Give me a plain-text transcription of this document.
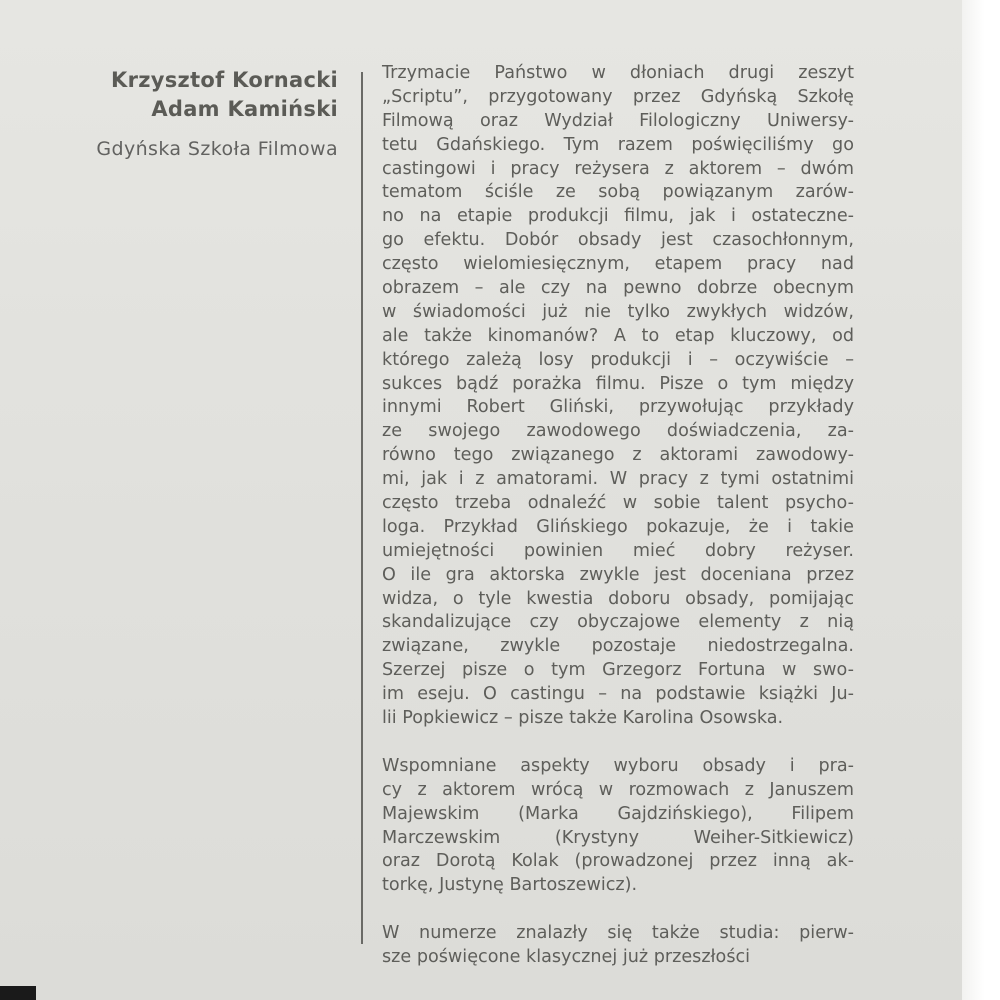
Krzysztof Kornacki
Adam Kamiński
Gdyńska Szkoła Filmowa
Trzymacie Państwo w dłoniach drugi zeszyt
„Scriptu”, przygotowany przez Gdyńską Szkołę
Filmową oraz Wydział Filologiczny Uniwersy-
tetu Gdańskiego. Tym razem poświęciliśmy go
castingowi i pracy reżysera z aktorem – dwóm
tematom ściśle ze sobą powiązanym zarów-
no na etapie produkcji filmu, jak i ostateczne-
go efektu. Dobór obsady jest czasochłonnym,
często wielomiesięcznym, etapem pracy nad
obrazem – ale czy na pewno dobrze obecnym
w świadomości już nie tylko zwykłych widzów,
ale także kinomanów? A to etap kluczowy, od
którego zależą losy produkcji i – oczywiście –
sukces bądź porażka filmu. Pisze o tym między
innymi Robert Gliński, przywołując przykłady
ze swojego zawodowego doświadczenia, za-
równo tego związanego z aktorami zawodowy-
mi, jak i z amatorami. W pracy z tymi ostatnimi
często trzeba odnaleźć w sobie talent psycho-
loga. Przykład Glińskiego pokazuje, że i takie
umiejętności powinien mieć dobry reżyser.
O ile gra aktorska zwykle jest doceniana przez
widza, o tyle kwestia doboru obsady, pomijając
skandalizujące czy obyczajowe elementy z nią
związane, zwykle pozostaje niedostrzegalna.
Szerzej pisze o tym Grzegorz Fortuna w swo-
im eseju. O castingu – na podstawie książki Ju-
lii Popkiewicz – pisze także Karolina Osowska.
Wspomniane aspekty wyboru obsady i pra-
cy z aktorem wrócą w rozmowach z Januszem
Majewskim (Marka Gajdzińskiego), Filipem
Marczewskim (Krystyny Weiher-Sitkiewicz)
oraz Dorotą Kolak (prowadzonej przez inną ak-
torkę, Justynę Bartoszewicz).
W numerze znalazły się także studia: pierw-
sze poświęcone klasycznej już przeszłości
